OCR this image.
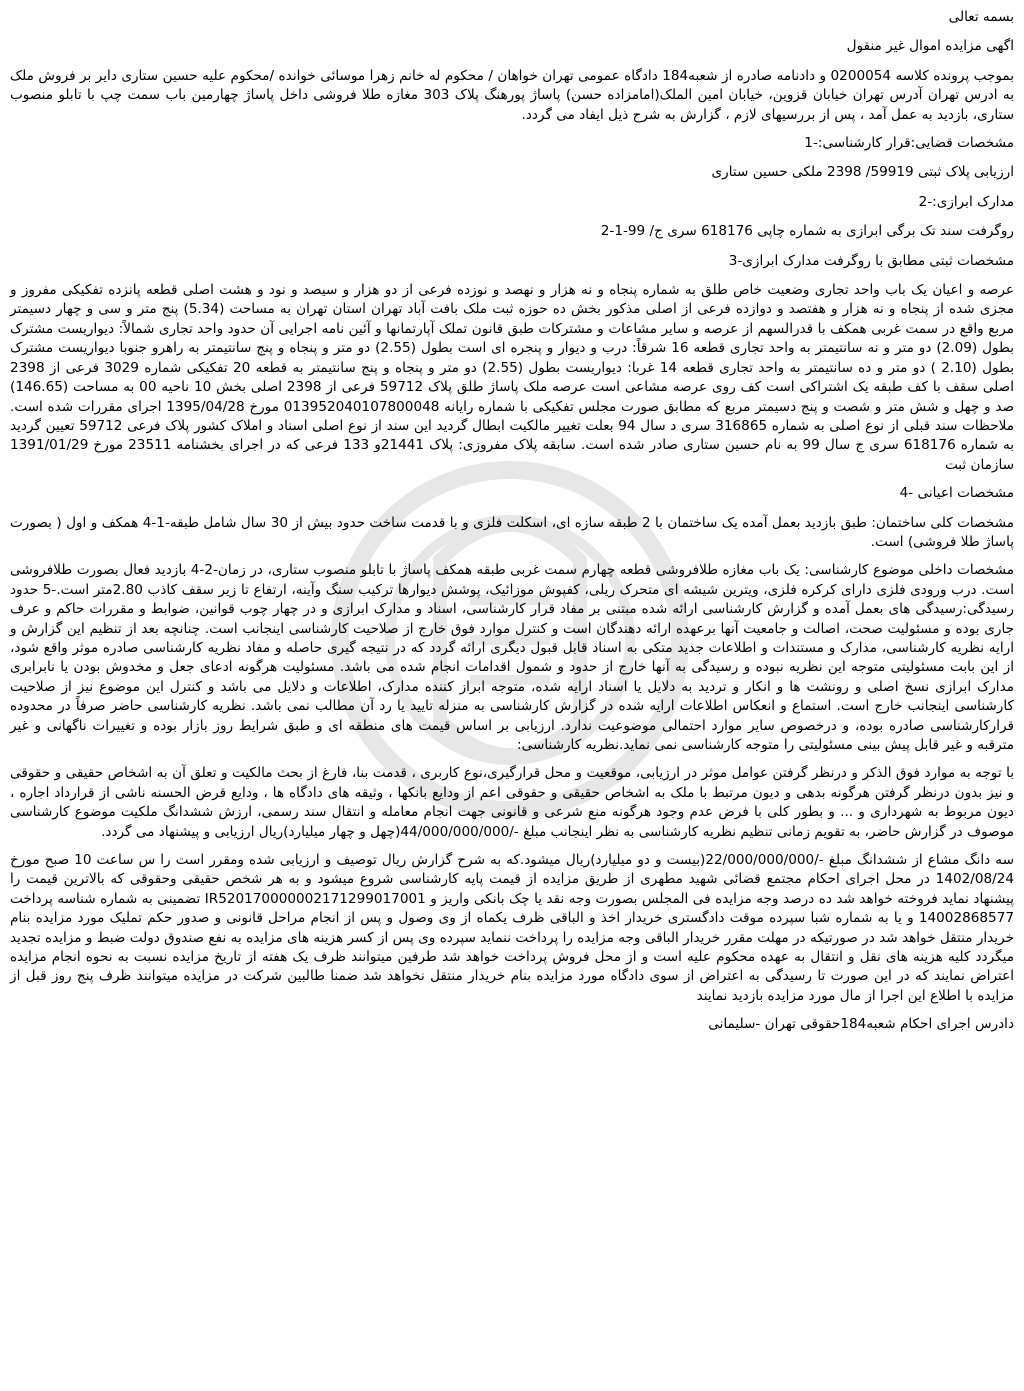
بسمه تعالی

اگهی مزایده اموال غیر منقول

بموجب پرونده کلاسه 0200054 و دادنامه صادره از شعبه184 دادگاه عمومی تهران خواهان / محکوم له خانم زهرا موسائی خوانده /محکوم علیه حسین ستاری دایر بر فروش ملک به ادرس تهران آدرس تهران خیابان قزوین، خیابان امین الملک(امامزاده حسن) پاساژ پورهنگ پلاک 303 مغازه طلا فروشی داخل پاساژ چهارمین باب سمت چپ با تابلو منصوب ستاری، بازدید به عمل آمد ، پس از بررسیهای لازم ، گزارش به شرح ذیل ایفاد می گردد.

مشخصات قضایی:قرار کارشناسی:-1

ارزیابی پلاک ثبتی 59919/ 2398 ملکی حسین ستاری

مدارک ابرازی:-2

روگرفت سند تک برگی ابرازی به شماره چاپی 618176 سری ج/ 99-1-2

مشخصات ثبتی مطابق با روگرفت مدارک ابرازی-3

عرصه و اعیان یک باب واحد تجاری وضعیت خاص طلق به شماره پنجاه و نه هزار و نهصد و نوزده فرعی از دو هزار و سیصد و نود و هشت اصلی قطعه پانزده تفکیکی مفروز و مجزی شده از پنجاه و نه هزار و هفتصد و دوازده فرعی از اصلی مذکور بخش ده حوزه ثبت ملک بافت آباد تهران استان تهران به مساحت (5.34) پنج متر و سی و چهار دسیمتر مربع واقع در سمت غربی همکف با قدرالسهم از عرصه و سایر مشاعات و مشترکات طبق قانون تملک آپارتمانها و آئین نامه اجرایی آن حدود واحد تجاری شمالاً: دیواریست مشترک بطول (2.09) دو متر و نه سانتیمتر به واحد تجاری قطعه 16 شرقاً: درب و دیوار و پنجره ای است بطول (2.55) دو متر و پنجاه و پنج سانتیمتر به راهرو جنوبا دیواریست مشترک بطول (2.10 ) دو متر و ده سانتیمتر به واحد تجاری قطعه 14 غربا: دیواریست بطول (2.55) دو متر و پنجاه و پنج سانتیمتر به قطعه 20 تفکیکی شماره 3029 فرعی از 2398 اصلی سقف با کف طبقه یک اشتراکی است کف روی عرصه مشاعی است عرصه ملک پاساژ طلق پلاک 59712 فرعی از 2398 اصلی بخش 10 ناحیه 00 به مساحت (146.65) صد و چهل و شش متر و شصت و پنج دسیمتر مربع که مطابق صورت مجلس تفکیکی با شماره رایانه 013952040107800048 مورخ 1395/04/28 اجرای مقررات شده است. ملاحظات سند قبلی از نوع اصلی به شماره 316865 سری د سال 94 بعلت تغییر مالکیت ابطال گردید این سند از نوع اصلی اسناد و املاک کشور پلاک فرعی 59712 تعیین گردید به شماره 618176 سری ج سال 99 به نام حسین ستاری صادر شده است. سابقه پلاک مفروزی: پلاک 21441و 133 فرعی که در اجرای بخشنامه 23511 مورخ 1391/01/29 سازمان ثبت

مشخصات اعیانی -4

مشخصات کلی ساختمان: طبق بازدید بعمل آمده یک ساختمان با 2 طبقه سازه ای، اسکلت فلزی و با قدمت ساخت حدود بیش از 30 سال شامل طبقه-1-4 همکف و اول ( بصورت پاساژ طلا فروشی) است.

مشخصات داخلی موضوع کارشناسی: یک باب مغازه طلافروشی قطعه چهارم سمت غربی طبقه همکف پاساژ با تابلو منصوب ستاری، در زمان-2-4 بازدید فعال بصورت طلافروشی است. درب ورودی فلزی دارای کرکره فلزی، ویترین شیشه ای متحرک ریلی، کفپوش موزائیک، پوشش دیوارها ترکیب سنگ وآینه، ارتفاع تا زیر سقف کاذب 2.80متر است.-5 حدود رسیدگی:رسیدگی های بعمل آمده و گزارش کارشناسی ارائه شده مبتنی بر مفاد قرار کارشناسی، اسناد و مدارک ابرازی و در چهار چوب قوانین، ضوابط و مقررات حاکم و عرف جاری بوده و مسئولیت صحت، اصالت و جامعیت آنها برعهده ارائه دهندگان است و کنترل موارد فوق خارج از صلاحیت کارشناسی اینجانب است. چنانچه بعد از تنظیم این گزارش و ارایه نظریه کارشناسی، مدارک و مستندات و اطلاعات جدید متکی به اسناد قابل قبول دیگری ارائه گردد که در نتیجه گیری حاصله و مفاد نظریه کارشناسی صادره موثر واقع شود، از این بابت مسئولیتی متوجه این نظریه نبوده و رسیدگی به آنها خارج از حدود و شمول اقدامات انجام شده می باشد. مسئولیت هرگونه ادعای جعل و مخدوش بودن یا نابرابری مدارک ابرازی نسخ اصلی و رونشت ها و انکار و تردید به دلایل یا اسناد ارایه شده، متوجه ابراز کننده مدارک، اطلاعات و دلایل می باشد و کنترل این موضوع نیز از صلاحیت کارشناسی اینجانب خارج است. استماع و انعکاس اطلاعات ارایه شده در گزارش کارشناسی به منزله تایید یا رد آن مطالب نمی باشد. نظریه کارشناسی حاضر صرفاً در محدوده قرارکارشناسی صادره بوده، و درخصوص سایر موارد احتمالی موضوعیت ندارد. ارزیابی بر اساس قیمت های منطقه ای و طبق شرایط روز بازار بوده و تغییرات ناگهانی و غیر مترقبه و غیر قابل پیش بینی مسئولیتی را متوجه کارشناسی نمی نماید.نظریه کارشناسی:

با توجه به موارد فوق الذکر و درنظر گرفتن عوامل موثر در ارزیابی، موقعیت و محل قرارگیری،نوع کاربری ، قدمت بنا، فارغ از بحث مالکیت و تعلق آن به اشخاص حقیقی و حقوقی و نیز بدون درنظر گرفتن هرگونه بدهی و دیون مرتبط با ملک به اشخاص حقیقی و حقوقی اعم از ودایع بانکها ، وثیقه های دادگاه ها ، ودایع قرض الحسنه ناشی از قرارداد اجاره ، دیون مربوط به شهرداری و ... و بطور کلی با فرض عدم وجود هرگونه منع شرعی و قانونی جهت انجام معامله و انتقال سند رسمی، ارزش ششدانگ ملکیت موضوع کارشناسی موصوف در گزارش حاضر، به تقویم زمانی تنظیم نظریه کارشناسی به نظر اینجانب مبلغ -/44/000/000/000(چهل و چهار میلیارد)ریال ارزیابی و پیشنهاد می گردد.

سه دانگ مشاع از ششدانگ مبلغ -/22/000/000/000(بیست و دو میلیارد)ریال میشود.که به شرح گزارش ریال توصیف و ارزیابی شده ومقرر است را س ساعت 10 صبح مورخ 1402/08/24 در محل اجرای احکام مجتمع قضائی شهید مطهری از طریق مزایده از قیمت پایه کارشناسی شروع میشود و به هر شخص حقیقی وحقوقی که بالاترین قیمت را پیشنهاد نماید فروخته خواهد شد ده درصد وجه مزایده فی المجلس بصورت وجه نقد یا چک بانکی واریز و IR520170000002171299017001 تضمینی به شماره شناسه پرداخت 14002868577 و یا به شماره شبا سپرده موقت دادگستری خریدار اخذ و الباقی ظرف یکماه از وی وصول و پس از انجام مراحل قانونی و صدور حکم تملیک مورد مزایده بنام خریدار منتقل خواهد شد در صورتیکه در مهلت مقرر خریدار الباقی وجه مزایده را پرداخت ننماید سپرده وی پس از کسر هزینه های مزایده به نفع صندوق دولت ضبط و مزایده تجدید میگردد کلیه هزینه های نقل و انتقال به عهده محکوم علیه است و از محل فروش پرداخت خواهد شد طرفین میتوانند ظرف یک هفته از تاریخ مزایده نسبت به نحوه انجام مزایده اعتراض نمایند که در این صورت تا رسیدگی به اعتراض از سوی دادگاه مورد مزایده بنام خریدار منتقل نخواهد شد ضمنا طالبین شرکت در مزایده میتوانند ظرف پنج روز قبل از مزایده با اطلاع این اجرا از مال مورد مزایده بازدید نمایند

دادرس اجرای احکام شعبه184حقوقی تهران -سلیمانی
